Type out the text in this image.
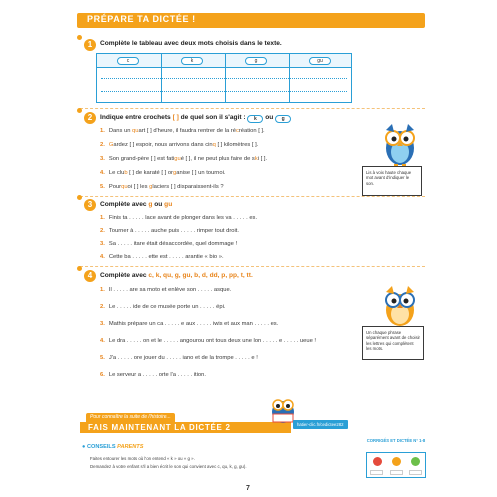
PRÉPARE TA DICTÉE !
1	Complète le tableau avec deux mots choisis dans le texte.
c	k	g	gu
2	Indique entre crochets [ ] de quel son il s'agit : k ou g
1. Dans un quart [ ] d'heure, il faudra rentrer de la récréation [ ].
2. Gardez [ ] espoir, nous arrivons dans cinq [ ] kilomètres [ ].
3. Son grand-père [ ] est fatigué [ ], il ne peut plus faire de ski [ ].
4. Le club [ ] de karaté [ ] organise [ ] un tournoi.
5. Pourquoi [ ] les glaciers [ ] disparaissent-ils ?
Lis à voix haute chaque mot avant d'indiquer le son.
3	Complète avec g ou gu
1. Finis ta . . . . . lace avant de plonger dans les va . . . . . es.
2. Tourner à . . . . . auche puis . . . . . rimper tout droit.
3. Sa . . . . . itare était désaccordée, quel dommage !
4. Cette ba . . . . . ette est . . . . . arantie « bio ».
4	Complète avec c, k, qu, g, gu, b, d, dd, p, pp, t, tt.
1. Il . . . . . are sa moto et enlève son . . . . . asque.
2. Le . . . . . ide de ce musée porte un . . . . . épi.
3. Mathis prépare un ca . . . . . e aux . . . . . iwis et aux man . . . . . es.
4. Le dra . . . . . on et le . . . . . angourou ont tous deux une lon . . . . . e . . . . . ueue !
5. J'a . . . . . ore jouer du . . . . . iano et de la trompe . . . . . e !
6. Le serveur a . . . . . orte l'a . . . . . ition.
Un chaque phrase séparément avant de choisir les lettres qui complètent les mots.
Pour connaître la suite de l'histoire...
FAIS MAINTENANT LA DICTÉE 2	hatier-clic.fr/cedictee282
● CONSEILS PARENTS
Faites entourer les mots où l'on entend « k » ou « g ».
Demandez à votre enfant s'il a bien écrit le son qui convient avec c, qu, k, g, gu).
CORRIGÉS ET DICTÉE N° 1-8
7
